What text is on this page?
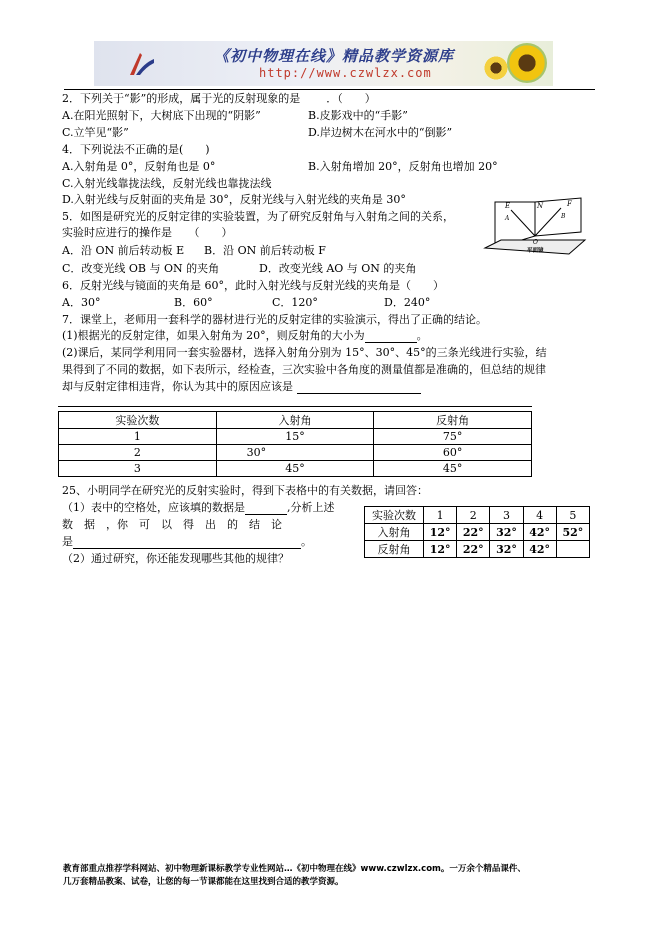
《初中物理在线》精品教学资源库
http://www.czwlzx.com
2．下列关于“影”的形成，属于光的反射现象的是 ．（　　）
A.在阳光照射下，大树底下出现的“阴影”	B.皮影戏中的“手影”
C.立竿见“影”	D.岸边树木在河水中的“倒影”
4．下列说法不正确的是(　　)
A.入射角是 0°，反射角也是 0°	B.入射角增加 20°，反射角也增加 20°
C.入射光线靠拢法线，反射光线也靠拢法线
D.入射光线与反射面的夹角是 30°，反射光线与入射光线的夹角是 30°
5．如图是研究光的反射定律的实验装置，为了研究反射角与入射角之间的关系，
实验时应进行的操作是　　（　　）
E	N	F
A	B
O
平面镜
A．沿 ON 前后转动板 E B．沿 ON 前后转动板 F
C．改变光线 OB 与 ON 的夹角	D．改变光线 AO 与 ON 的夹角
6．反射光线与镜面的夹角是 60°，此时入射光线与反射光线的夹角是（　　）
A．30°	B．60°	C．120°	D．240°
7．课堂上，老师用一套科学的器材进行光的反射定律的实验演示，得出了正确的结论。
(1)根据光的反射定律，如果入射角为 20°，则反射角的大小为	。
(2)课后，某同学利用同一套实验器材，选择入射角分别为 15°、30°、45°的三条光线进行实验，结
果得到了不同的数据，如下表所示，经检查，三次实验中各角度的测量值都是准确的，但总结的规律
却与反射定律相违背，你认为其中的原因应该是
实验次数	入射角	反射角
1	15°	75°
2	30°	60°
3	45°	45°
25、小明同学在研究光的反射实验时，得到下表格中的有关数据，请回答：
（1）表中的空格处，应该填的数据是	,分析上述
数　据　，你　可　以　得　出　的　结　论
是	。
（2）通过研究，你还能发现哪些其他的规律？
实验次数	1	2	3	4	5
入射角	12°	22°	32°	42°	52°
反射角	12°	22°	32°	42°	
教育部重点推荐学科网站、初中物理新课标教学专业性网站…《初中物理在线》www.czwlzx.com。一万余个精品课件、
几万套精品教案、试卷，让您的每一节课都能在这里找到合适的教学资源。
